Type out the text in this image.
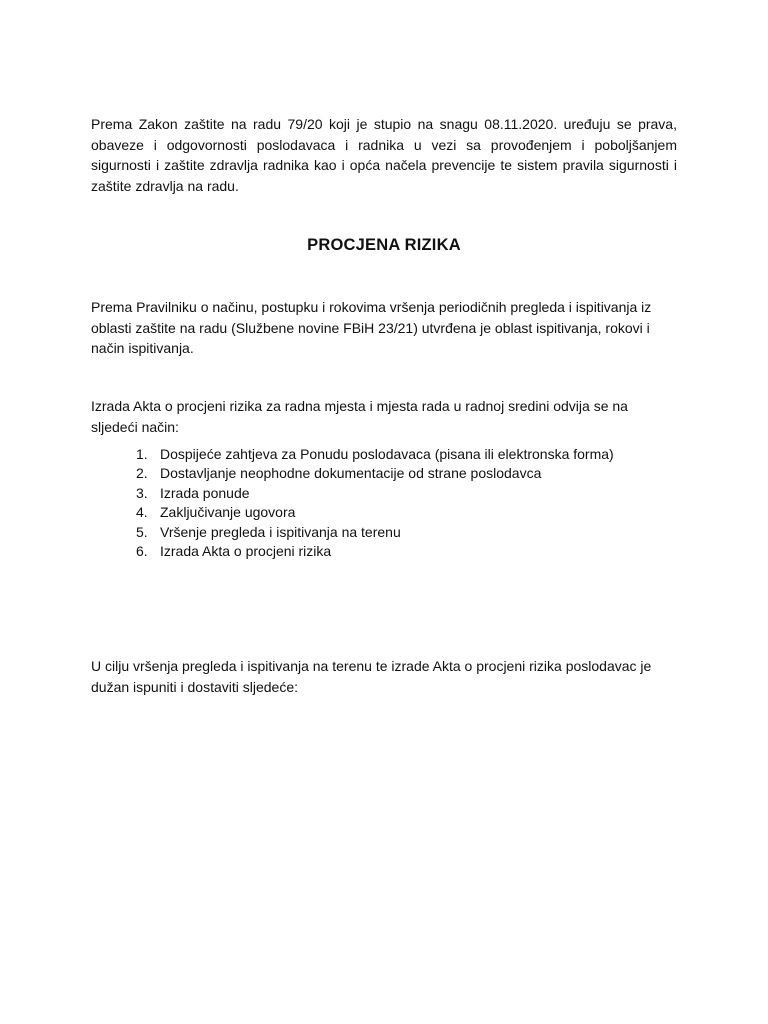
Prema Zakon zaštite na radu 79/20 koji je stupio na snagu 08.11.2020. uređuju se prava,
obaveze i odgovornosti poslodavaca i radnika u vezi sa provođenjem i poboljšanjem
sigurnosti i zaštite zdravlja radnika kao i opća načela prevencije te sistem pravila sigurnosti i
zaštite zdravlja na radu.
PROCJENA RIZIKA
Prema Pravilniku o načinu, postupku i rokovima vršenja periodičnih pregleda i ispitivanja iz
oblasti zaštite na radu (Službene novine FBiH 23/21) utvrđena je oblast ispitivanja, rokovi i
način ispitivanja.
Izrada Akta o procjeni rizika za radna mjesta i mjesta rada u radnoj sredini odvija se na
sljedeći način:
1. Dospijeće zahtjeva za Ponudu poslodavaca (pisana ili elektronska forma)
2. Dostavljanje neophodne dokumentacije od strane poslodavca
3. Izrada ponude
4. Zaključivanje ugovora
5. Vršenje pregleda i ispitivanja na terenu
6. Izrada Akta o procjeni rizika
U cilju vršenja pregleda i ispitivanja na terenu te izrade Akta o procjeni rizika poslodavac je
dužan ispuniti i dostaviti sljedeće:
